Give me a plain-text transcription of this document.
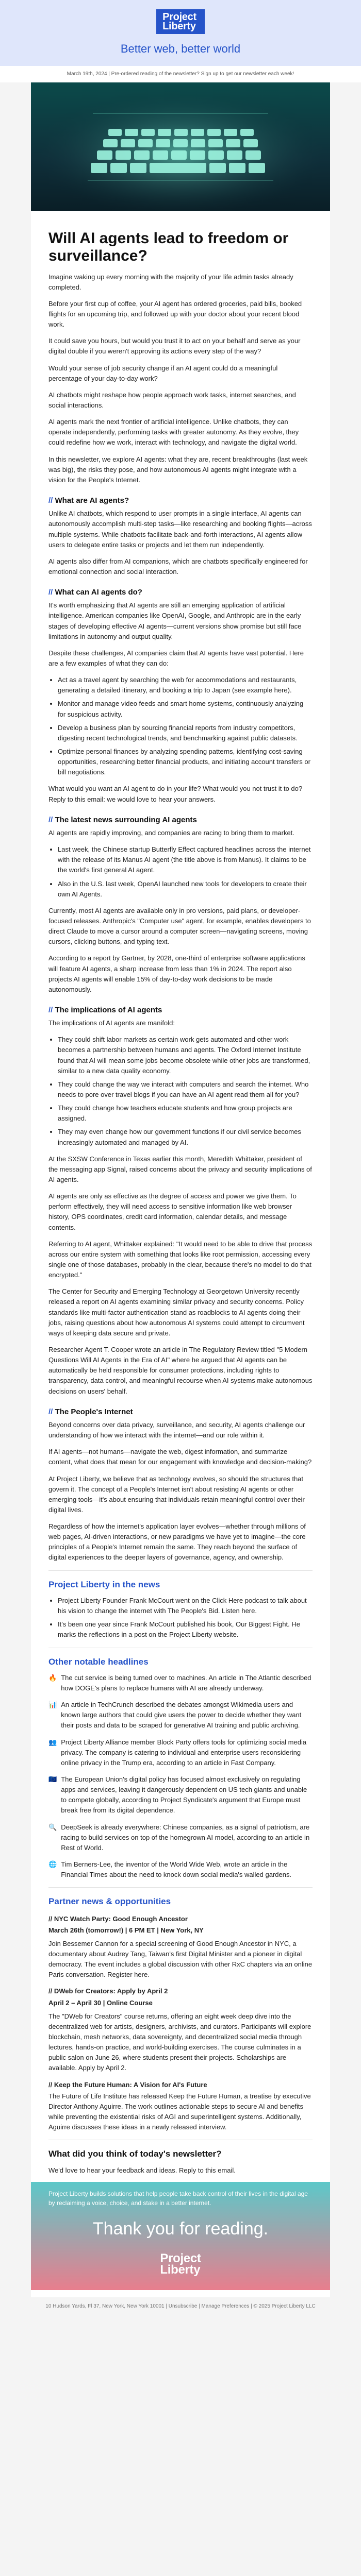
Project
Liberty
Better web, better world
March 19th, 2024 | Pre-ordered reading of the newsletter? Sign up to get our newsletter each week!
Will AI agents lead to freedom or surveillance?

Imagine waking up every morning with the majority of your life admin tasks already completed.

Before your first cup of coffee, your AI agent has ordered groceries, paid bills, booked flights for an upcoming trip, and followed up with your doctor about your recent blood work.

It could save you hours, but would you trust it to act on your behalf and serve as your digital double if you weren't approving its actions every step of the way?

Would your sense of job security change if an AI agent could do a meaningful percentage of your day-to-day work?

AI chatbots might reshape how people approach work tasks, internet searches, and social interactions.

AI agents mark the next frontier of artificial intelligence. Unlike chatbots, they can operate independently, performing tasks with greater autonomy. As they evolve, they could redefine how we work, interact with technology, and navigate the digital world.

In this newsletter, we explore AI agents: what they are, recent breakthroughs (last week was big), the risks they pose, and how autonomous AI agents might integrate with a vision for the People's Internet.

// What are AI agents?

Unlike AI chatbots, which respond to user prompts in a single interface, AI agents can autonomously accomplish multi-step tasks—like researching and booking flights—across multiple systems. While chatbots facilitate back-and-forth interactions, AI agents allow users to delegate entire tasks or projects and let them run independently.

AI agents also differ from AI companions, which are chatbots specifically engineered for emotional connection and social interaction.

// What can AI agents do?

It's worth emphasizing that AI agents are still an emerging application of artificial intelligence. American companies like OpenAI, Google, and Anthropic are in the early stages of developing effective AI agents—current versions show promise but still face limitations in autonomy and output quality.

Despite these challenges, AI companies claim that AI agents have vast potential. Here are a few examples of what they can do:

• Act as a travel agent by searching the web for accommodations and restaurants, generating a detailed itinerary, and booking a trip to Japan (see example here).
• Monitor and manage video feeds and smart home systems, continuously analyzing for suspicious activity.
• Develop a business plan by sourcing financial reports from industry competitors, digesting recent technological trends, and benchmarking against public datasets.
• Optimize personal finances by analyzing spending patterns, identifying cost-saving opportunities, researching better financial products, and initiating account transfers or bill negotiations.

What would you want an AI agent to do in your life? What would you not trust it to do? Reply to this email: we would love to hear your answers.

// The latest news surrounding AI agents

AI agents are rapidly improving, and companies are racing to bring them to market.

• Last week, the Chinese startup Butterfly Effect captured headlines across the internet with the release of its Manus AI agent (the title above is from Manus). It claims to be the world's first general AI agent.
• Also in the U.S. last week, OpenAI launched new tools for developers to create their own AI Agents.

Currently, most AI agents are available only in pro versions, paid plans, or developer-focused releases. Anthropic's "Computer use" agent, for example, enables developers to direct Claude to move a cursor around a computer screen—navigating screens, moving cursors, clicking buttons, and typing text.

According to a report by Gartner, by 2028, one-third of enterprise software applications will feature AI agents, a sharp increase from less than 1% in 2024. The report also projects AI agents will enable 15% of day-to-day work decisions to be made autonomously.

// The implications of AI agents

The implications of AI agents are manifold:

• They could shift labor markets as certain work gets automated and other work becomes a partnership between humans and agents. The Oxford Internet Institute found that AI will mean some jobs become obsolete while other jobs are transformed, similar to a new data quality economy.
• They could change the way we interact with computers and search the internet. Who needs to pore over travel blogs if you can have an AI agent read them all for you?
• They could change how teachers educate students and how group projects are assigned.
• They may even change how our government functions if our civil service becomes increasingly automated and managed by AI.

At the SXSW Conference in Texas earlier this month, Meredith Whittaker, president of the messaging app Signal, raised concerns about the privacy and security implications of AI agents.

AI agents are only as effective as the degree of access and power we give them. To perform effectively, they will need access to sensitive information like web browser history, OPS coordinates, credit card information, calendar details, and message contents.

Referring to AI agent, Whittaker explained: "It would need to be able to drive that process across our entire system with something that looks like root permission, accessing every single one of those databases, probably in the clear, because there's no model to do that encrypted."

The Center for Security and Emerging Technology at Georgetown University recently released a report on AI agents examining similar privacy and security concerns. Policy standards like multi-factor authentication stand as roadblocks to AI agents doing their jobs, raising questions about how autonomous AI systems could attempt to circumvent ways of keeping data secure and private.

Researcher Agent T. Cooper wrote an article in The Regulatory Review titled "5 Modern Questions Will AI Agents in the Era of AI" where he argued that AI agents can be automatically be held responsible for consumer protections, including rights to transparency, data control, and meaningful recourse when AI systems make autonomous decisions on users' behalf.

// The People's Internet

Beyond concerns over data privacy, surveillance, and security, AI agents challenge our understanding of how we interact with the internet—and our role within it.

If AI agents—not humans—navigate the web, digest information, and summarize content, what does that mean for our engagement with knowledge and decision-making?

At Project Liberty, we believe that as technology evolves, so should the structures that govern it. The concept of a People's Internet isn't about resisting AI agents or other emerging tools—it's about ensuring that individuals retain meaningful control over their digital lives.

Regardless of how the internet's application layer evolves—whether through millions of web pages, AI-driven interactions, or new paradigms we have yet to imagine—the core principles of a People's Internet remain the same. They reach beyond the surface of digital experiences to the deeper layers of governance, agency, and ownership.

Project Liberty in the news
• Project Liberty Founder Frank McCourt went on the Click Here podcast to talk about his vision to change the internet with The People's Bid. Listen here.
• It's been one year since Frank McCourt published his book, Our Biggest Fight. He marks the reflections in a post on the Project Liberty website.
Other notable headlines
🔥 The cut service is being turned over to machines. An article in The Atlantic described how DOGE's plans to replace humans with AI are already underway.
📊 An article in TechCrunch described the debates amongst Wikimedia users and known large authors that could give users the power to decide whether they want their posts and data to be scraped for generative AI training and public archiving.
👥 Project Liberty Alliance member Block Party offers tools for optimizing social media privacy. The company is catering to individual and enterprise users reconsidering online privacy in the Trump era, according to an article in Fast Company.
🇪🇺 The European Union's digital policy has focused almost exclusively on regulating apps and services, leaving it dangerously dependent on US tech giants and unable to compete globally, according to Project Syndicate's argument that Europe must break free from its digital dependence.
🔍 DeepSeek is already everywhere: Chinese companies, as a signal of patriotism, are racing to build services on top of the homegrown AI model, according to an article in Rest of World.
🌐 Tim Berners-Lee, the inventor of the World Wide Web, wrote an article in the Financial Times about the need to knock down social media's walled gardens.
Partner news & opportunities
// NYC Watch Party: Good Enough Ancestor
March 26th (tomorrow!) | 6 PM ET | New York, NY

Join Bessemer Cannon for a special screening of Good Enough Ancestor in NYC, a documentary about Audrey Tang, Taiwan's first Digital Minister and a pioneer in digital democracy. The event includes a global discussion with other RxC chapters via an online Paris conversation. Register here.

// DWeb for Creators: Apply by April 2
April 2 – April 30 | Online Course

The "DWeb for Creators" course returns, offering an eight week deep dive into the decentralized web for artists, designers, archivists, and curators. Participants will explore blockchain, mesh networks, data sovereignty, and decentralized social media through lectures, hands-on practice, and world-building exercises. The course culminates in a public salon on June 26, where students present their projects. Scholarships are available. Apply by April 2.

// Keep the Future Human: A Vision for AI's Future

The Future of Life Institute has released Keep the Future Human, a treatise by executive Director Anthony Aguirre. The work outlines actionable steps to secure AI and benefits while preventing the existential risks of AGI and superintelligent systems. Additionally, Aguirre discusses these ideas in a newly released interview.

What did you think of today's newsletter?

We'd love to hear your feedback and ideas. Reply to this email.

Project Liberty builds solutions that help people take back control of their lives in the digital age by reclaiming a voice, choice, and stake in a better internet.
Thank you for reading.
Project
Liberty
10 Hudson Yards, Fl 37, New York, New York 10001 | Unsubscribe | Manage Preferences | © 2025 Project Liberty LLC
